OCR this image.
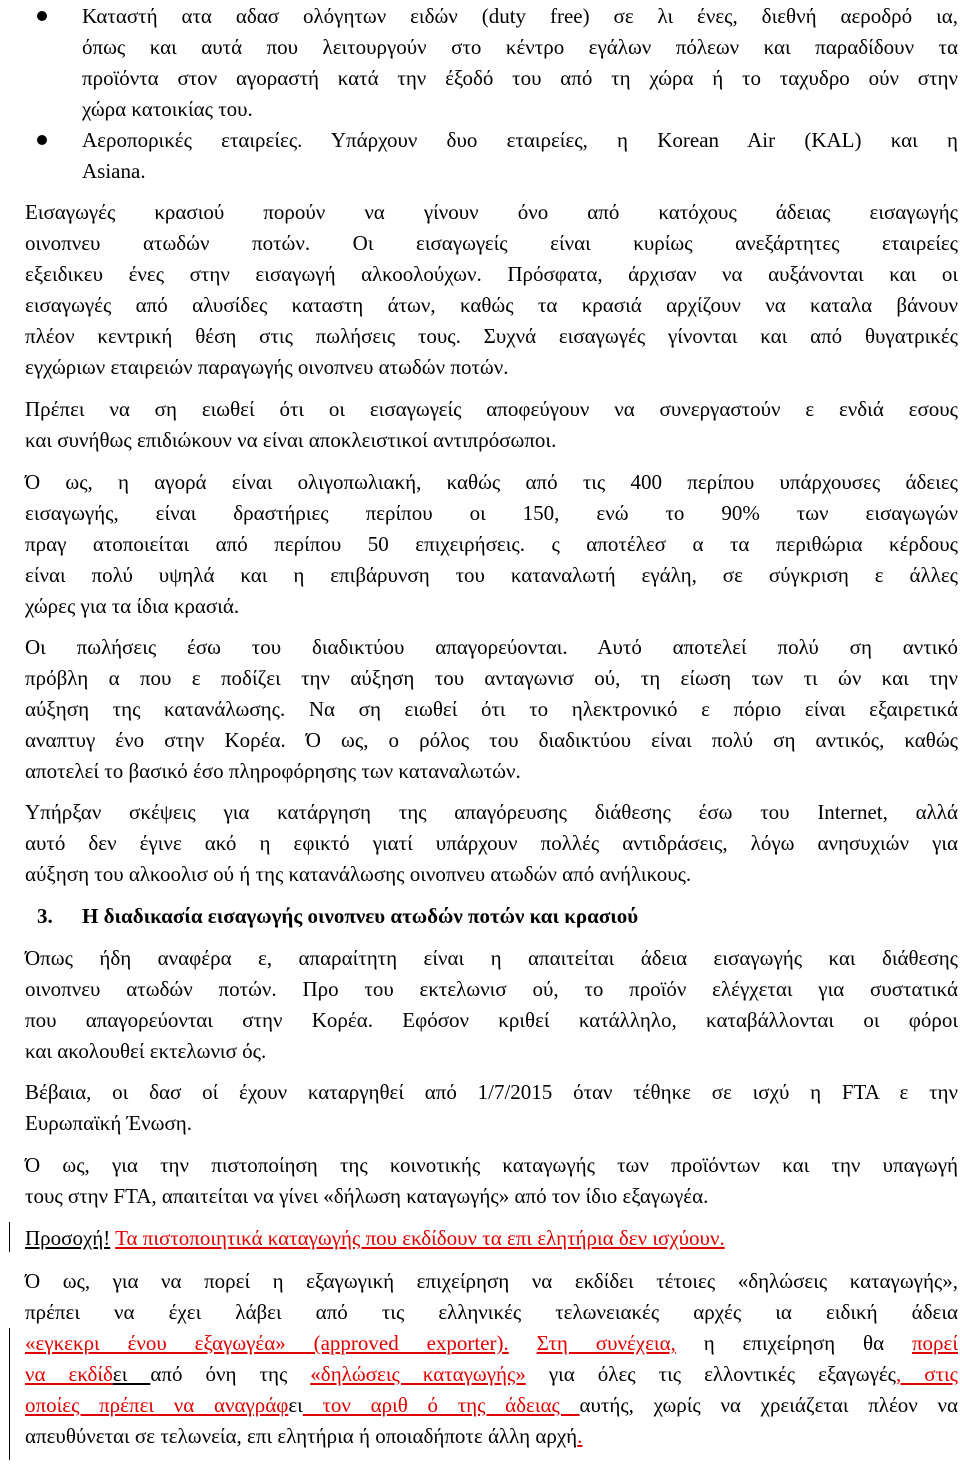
Καταστή ατα αδασ ολόγητων ειδών (duty free) σε λι ένες, διεθνή αεροδρό ια,
όπως και αυτά που λειτουργούν στο κέντρο εγάλων πόλεων και παραδίδουν τα
προϊόντα στον αγοραστή κατά την έξοδό του από τη χώρα ή το ταχυδρο ούν στην
χώρα κατοικίας του.
Αεροπορικές εταιρείες. Υπάρχουν δυο εταιρείες, η Korean Air (KAL) και η
Asiana.
Εισαγωγές κρασιού πορούν να γίνουν όνο από κατόχους άδειας εισαγωγής
οινοπνευ ατωδών ποτών. Οι εισαγωγείς είναι κυρίως ανεξάρτητες εταιρείες
εξειδικευ ένες στην εισαγωγή αλκοολούχων. Πρόσφατα, άρχισαν να αυξάνονται και οι
εισαγωγές από αλυσίδες καταστη άτων, καθώς τα κρασιά αρχίζουν να καταλα βάνουν
πλέον κεντρική θέση στις πωλήσεις τους. Συχνά εισαγωγές γίνονται και από θυγατρικές
εγχώριων εταιρειών παραγωγής οινοπνευ ατωδών ποτών.
Πρέπει να ση ειωθεί ότι οι εισαγωγείς αποφεύγουν να συνεργαστούν ε ενδιά εσους
και συνήθως επιδιώκουν να είναι αποκλειστικοί αντιπρόσωποι.
Ό ως, η αγορά είναι ολιγοπωλιακή, καθώς από τις 400 περίπου υπάρχουσες άδειες
εισαγωγής, είναι δραστήριες περίπου οι 150, ενώ το 90% των εισαγωγών
πραγ ατοποιείται από περίπου 50 επιχειρήσεις. ς αποτέλεσ α τα περιθώρια κέρδους
είναι πολύ υψηλά και η επιβάρυνση του καταναλωτή εγάλη, σε σύγκριση ε άλλες
χώρες για τα ίδια κρασιά.
Οι πωλήσεις έσω του διαδικτύου απαγορεύονται. Αυτό αποτελεί πολύ ση αντικό
πρόβλη α που ε ποδίζει την αύξηση του ανταγωνισ ού, τη είωση των τι ών και την
αύξηση της κατανάλωσης. Να ση ειωθεί ότι το ηλεκτρονικό ε πόριο είναι εξαιρετικά
αναπτυγ ένο στην Κορέα. Ό ως, ο ρόλος του διαδικτύου είναι πολύ ση αντικός, καθώς
αποτελεί το βασικό έσο πληροφόρησης των καταναλωτών.
Υπήρξαν σκέψεις για κατάργηση της απαγόρευσης διάθεσης έσω του Internet, αλλά
αυτό δεν έγινε ακό η εφικτό γιατί υπάρχουν πολλές αντιδράσεις, λόγω ανησυχιών για
αύξηση του αλκοολισ ού ή της κατανάλωσης οινοπνευ ατωδών από ανήλικους.
3. Η διαδικασία εισαγωγής οινοπνευ ατωδών ποτών και κρασιού
Όπως ήδη αναφέρα ε, απαραίτητη είναι η απαιτείται άδεια εισαγωγής και διάθεσης
οινοπνευ ατωδών ποτών. Προ του εκτελωνισ ού, το προϊόν ελέγχεται για συστατικά
που απαγορεύονται στην Κορέα. Εφόσον κριθεί κατάλληλο, καταβάλλονται οι φόροι
και ακολουθεί εκτελωνισ ός.
Βέβαια, οι δασ οί έχουν καταργηθεί από 1/7/2015 όταν τέθηκε σε ισχύ η FTA ε την
Ευρωπαϊκή Ένωση.
Ό ως, για την πιστοποίηση της κοινοτικής καταγωγής των προϊόντων και την υπαγωγή
τους στην FTA, απαιτείται να γίνει «δήλωση καταγωγής» από τον ίδιο εξαγωγέα.
Προσοχή! Τα πιστοποιητικά καταγωγής που εκδίδουν τα επι ελητήρια δεν ισχύουν.
Ό ως, για να πορεί η εξαγωγική επιχείρηση να εκδίδει τέτοιες «δηλώσεις καταγωγής»,
πρέπει να έχει λάβει από τις ελληνικές τελωνειακές αρχές ια ειδική άδεια
«εγκεκρι ένου εξαγωγέα» (approved exporter). Στη συνέχεια, η επιχείρηση θα πορεί
να εκδίδει από όνη της «δηλώσεις καταγωγής» για όλες τις ελλοντικές εξαγωγές, στις
οποίες πρέπει να αναγράφει τον αριθ ό της άδειας αυτής, χωρίς να χρειάζεται πλέον να
απευθύνεται σε τελωνεία, επι ελητήρια ή οποιαδήποτε άλλη αρχή.
